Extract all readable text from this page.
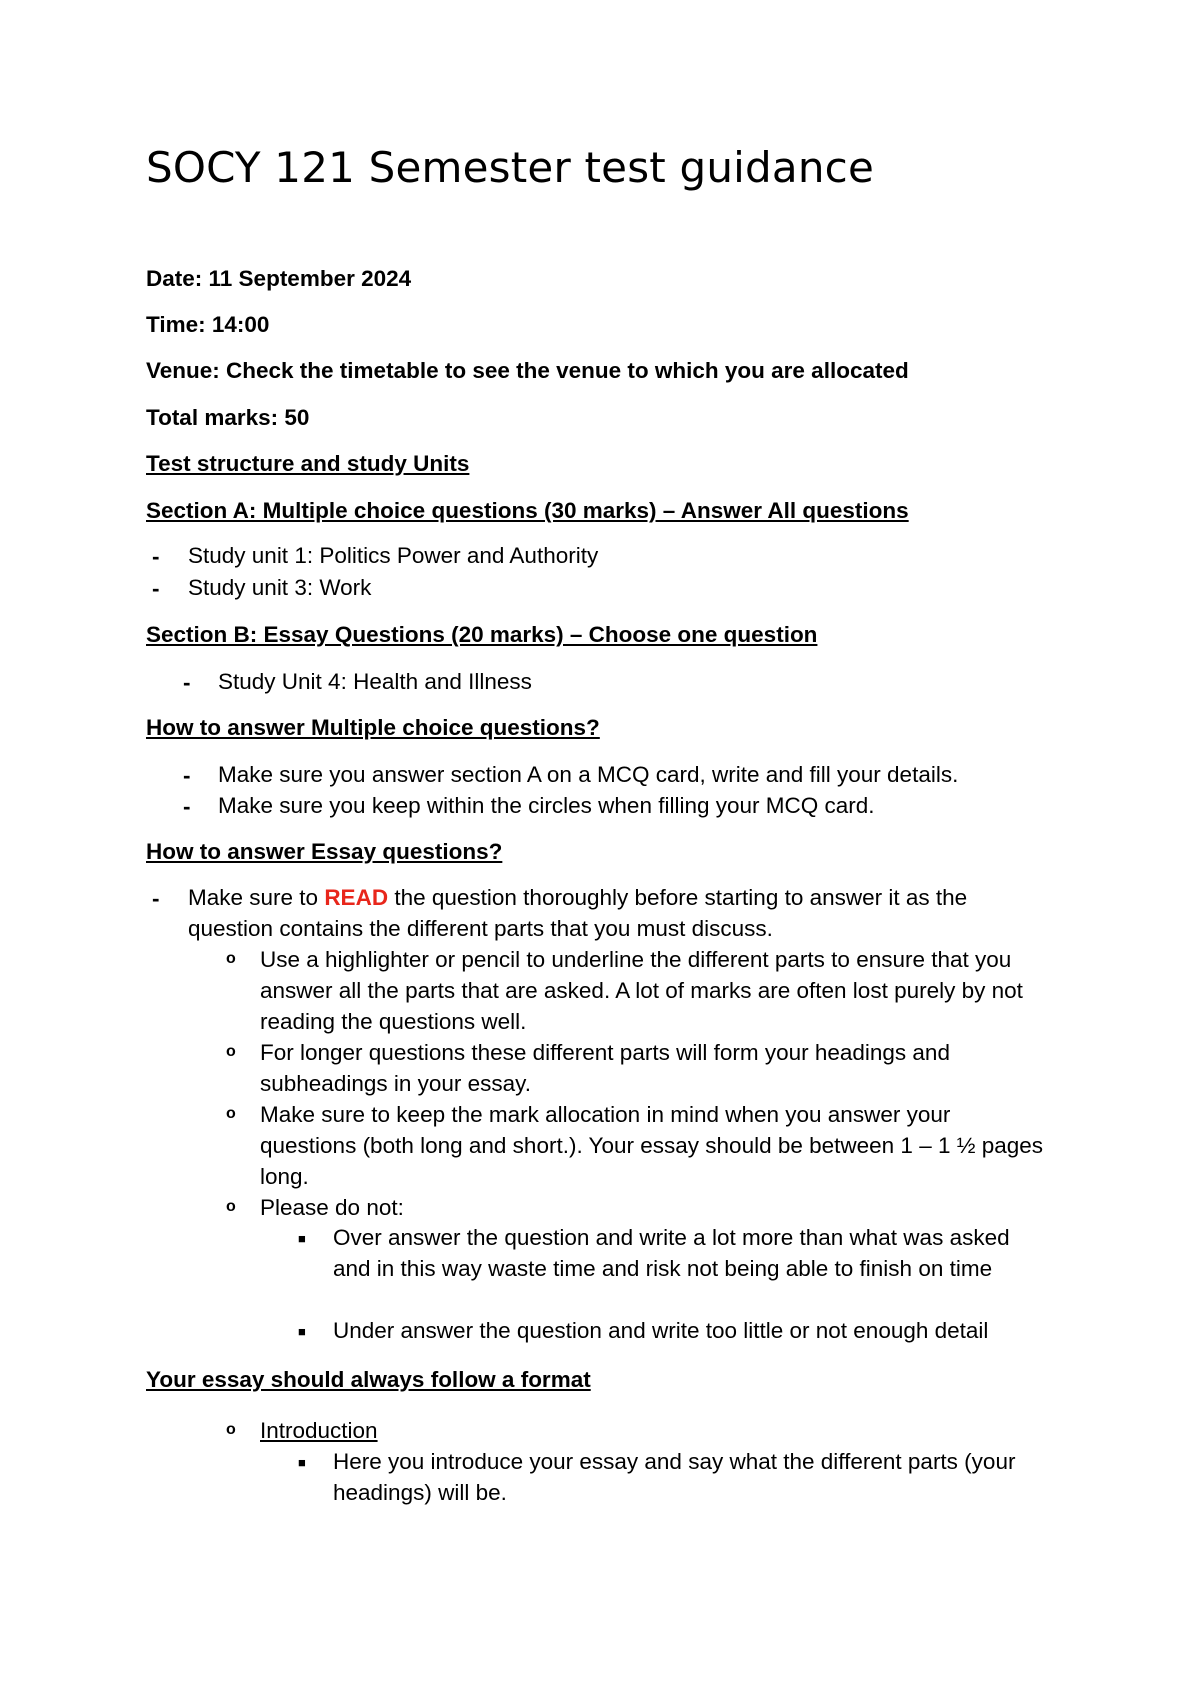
SOCY 121 Semester test guidance

Date: 11 September 2024

Time: 14:00

Venue: Check the timetable to see the venue to which you are allocated

Total marks: 50

Test structure and study Units

Section A: Multiple choice questions (30 marks) – Answer All questions

- Study unit 1: Politics Power and Authority

- Study unit 3: Work

Section B: Essay Questions (20 marks) – Choose one question

- Study Unit 4: Health and Illness

How to answer Multiple choice questions?

- Make sure you answer section A on a MCQ card, write and fill your details.

- Make sure you keep within the circles when filling your MCQ card.

How to answer Essay questions?

- Make sure to READ the question thoroughly before starting to answer it as the question contains the different parts that you must discuss.

o Use a highlighter or pencil to underline the different parts to ensure that you answer all the parts that are asked. A lot of marks are often lost purely by not reading the questions well.

o For longer questions these different parts will form your headings and subheadings in your essay.

o Make sure to keep the mark allocation in mind when you answer your questions (both long and short.). Your essay should be between 1 – 1 ½ pages long.

o Please do not:

■ Over answer the question and write a lot more than what was asked and in this way waste time and risk not being able to finish on time

■ Under answer the question and write too little or not enough detail

Your essay should always follow a format

o Introduction

■ Here you introduce your essay and say what the different parts (your headings) will be.
